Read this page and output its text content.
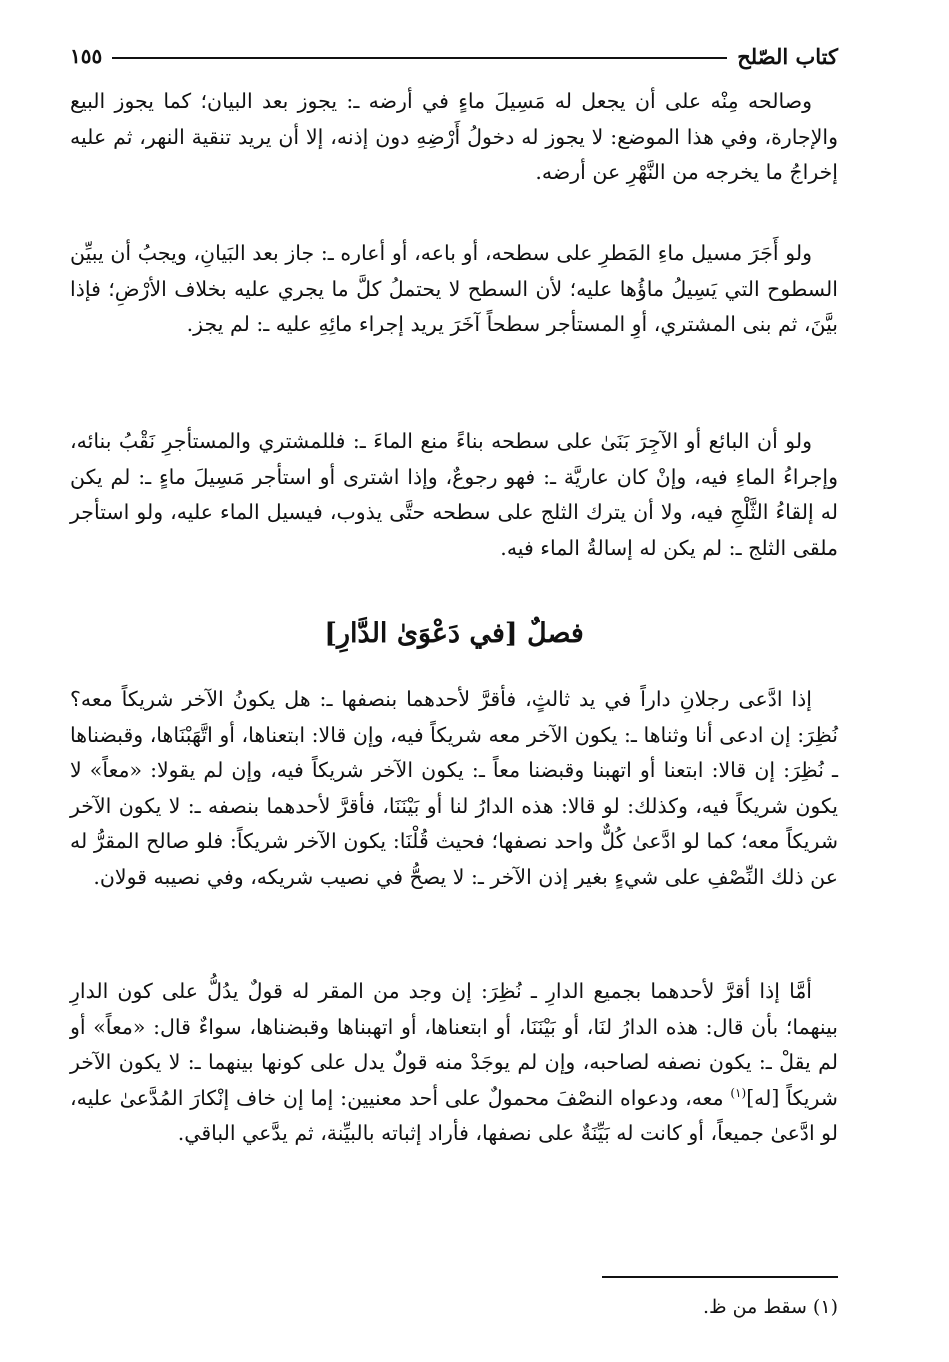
كتاب الصّلح
١٥٥

وصالحه مِنْه على أن يجعل له مَسِيلَ ماءٍ في أرضه ـ: يجوز بعد البيان؛ كما يجوز البيع والإجارة، وفي هذا الموضع: لا يجوز له دخولُ أَرْضِهِ دون إذنه، إلا أن يريد تنقية النهر، ثم عليه إخراجُ ما يخرجه من النَّهْرِ عن أرضه.

ولو أَجَرَ مسيل ماءِ المَطرِ على سطحه، أو باعه، أو أعاره ـ: جاز بعد البَيانِ، ويجبُ أن يبيِّن السطوح التي يَسِيلُ ماؤُها عليه؛ لأن السطح لا يحتملُ كلَّ ما يجري عليه بخلاف الأرْضِ؛ فإذا بيَّنَ، ثم بنى المشتري، أوِ المستأجر سطحاً آخَرَ يريد إجراء مائِهِ عليه ـ: لم يجز.

ولو أن البائع أو الآجِرَ بَنَىٰ على سطحه بناءً منع الماءَ ـ: فللمشتري والمستأجرِ نَقْبُ بنائه، وإجراءُ الماءِ فيه، وإنْ كان عاريَّة ـ: فهو رجوعٌ، وإذا اشترى أو استأجر مَسِيلَ ماءٍ ـ: لم يكن له إلقاءُ الثَّلْجِ فيه، ولا أن يترك الثلج على سطحه حتَّى يذوب، فيسيل الماء عليه، ولو استأجر ملقى الثلج ـ: لم يكن له إسالةُ الماء فيه.

فصلٌ [في دَعْوَىٰ الدَّارِ]

إذا ادَّعى رجلانِ داراً في يد ثالثٍ، فأقرَّ لأحدهما بنصفها ـ: هل يكونُ الآخر شريكاً معه؟ نُظِرَ: إن ادعى أنا وثناها ـ: يكون الآخر معه شريكاً فيه، وإن قالا: ابتعناها، أو اتَّهَبْنَاها، وقبضناها ـ نُظِرَ: إن قالا: ابتعنا أو اتهبنا وقبضنا معاً ـ: يكون الآخر شريكاً فيه، وإن لم يقولا: «معاً» لا يكون شريكاً فيه، وكذلك: لو قالا: هذه الدارُ لنا أو بَيْنَنَا، فأقرَّ لأحدهما بنصفه ـ: لا يكون الآخر شريكاً معه؛ كما لو ادَّعىٰ كُلٌّ واحد نصفها؛ فحيث قُلْنَا: يكون الآخر شريكاً: فلو صالح المقرُّ له عن ذلك النِّصْفِ على شيءٍ بغير إذن الآخر ـ: لا يصحُّ في نصيب شريكه، وفي نصيبه قولان.

أمَّا إذا أقرَّ لأحدهما بجميع الدارِ ـ نُظِرَ: إن وجد من المقر له قولٌ يدُلُّ على كون الدارِ بينهما؛ بأن قال: هذه الدارُ لنَا، أو بَيْنَنَا، أو ابتعناها، أو اتهبناها وقبضناها، سواءٌ قال: «معاً» أو لم يقلْ ـ: يكون نصفه لصاحبه، وإن لم يوجَدْ منه قولٌ يدل على كونها بينهما ـ: لا يكون الآخر شريكاً [له]$^{(١)}$ معه، ودعواه النصْفَ محمولٌ على أحد معنيين: إما إن خاف إنْكارَ المُدَّعىٰ عليه، لو ادَّعىٰ جميعاً، أو كانت له بَيِّنَةٌ على نصفها، فأراد إثباته بالبيِّنة، ثم يدَّعي الباقي.

(١) سقط من ظ.
